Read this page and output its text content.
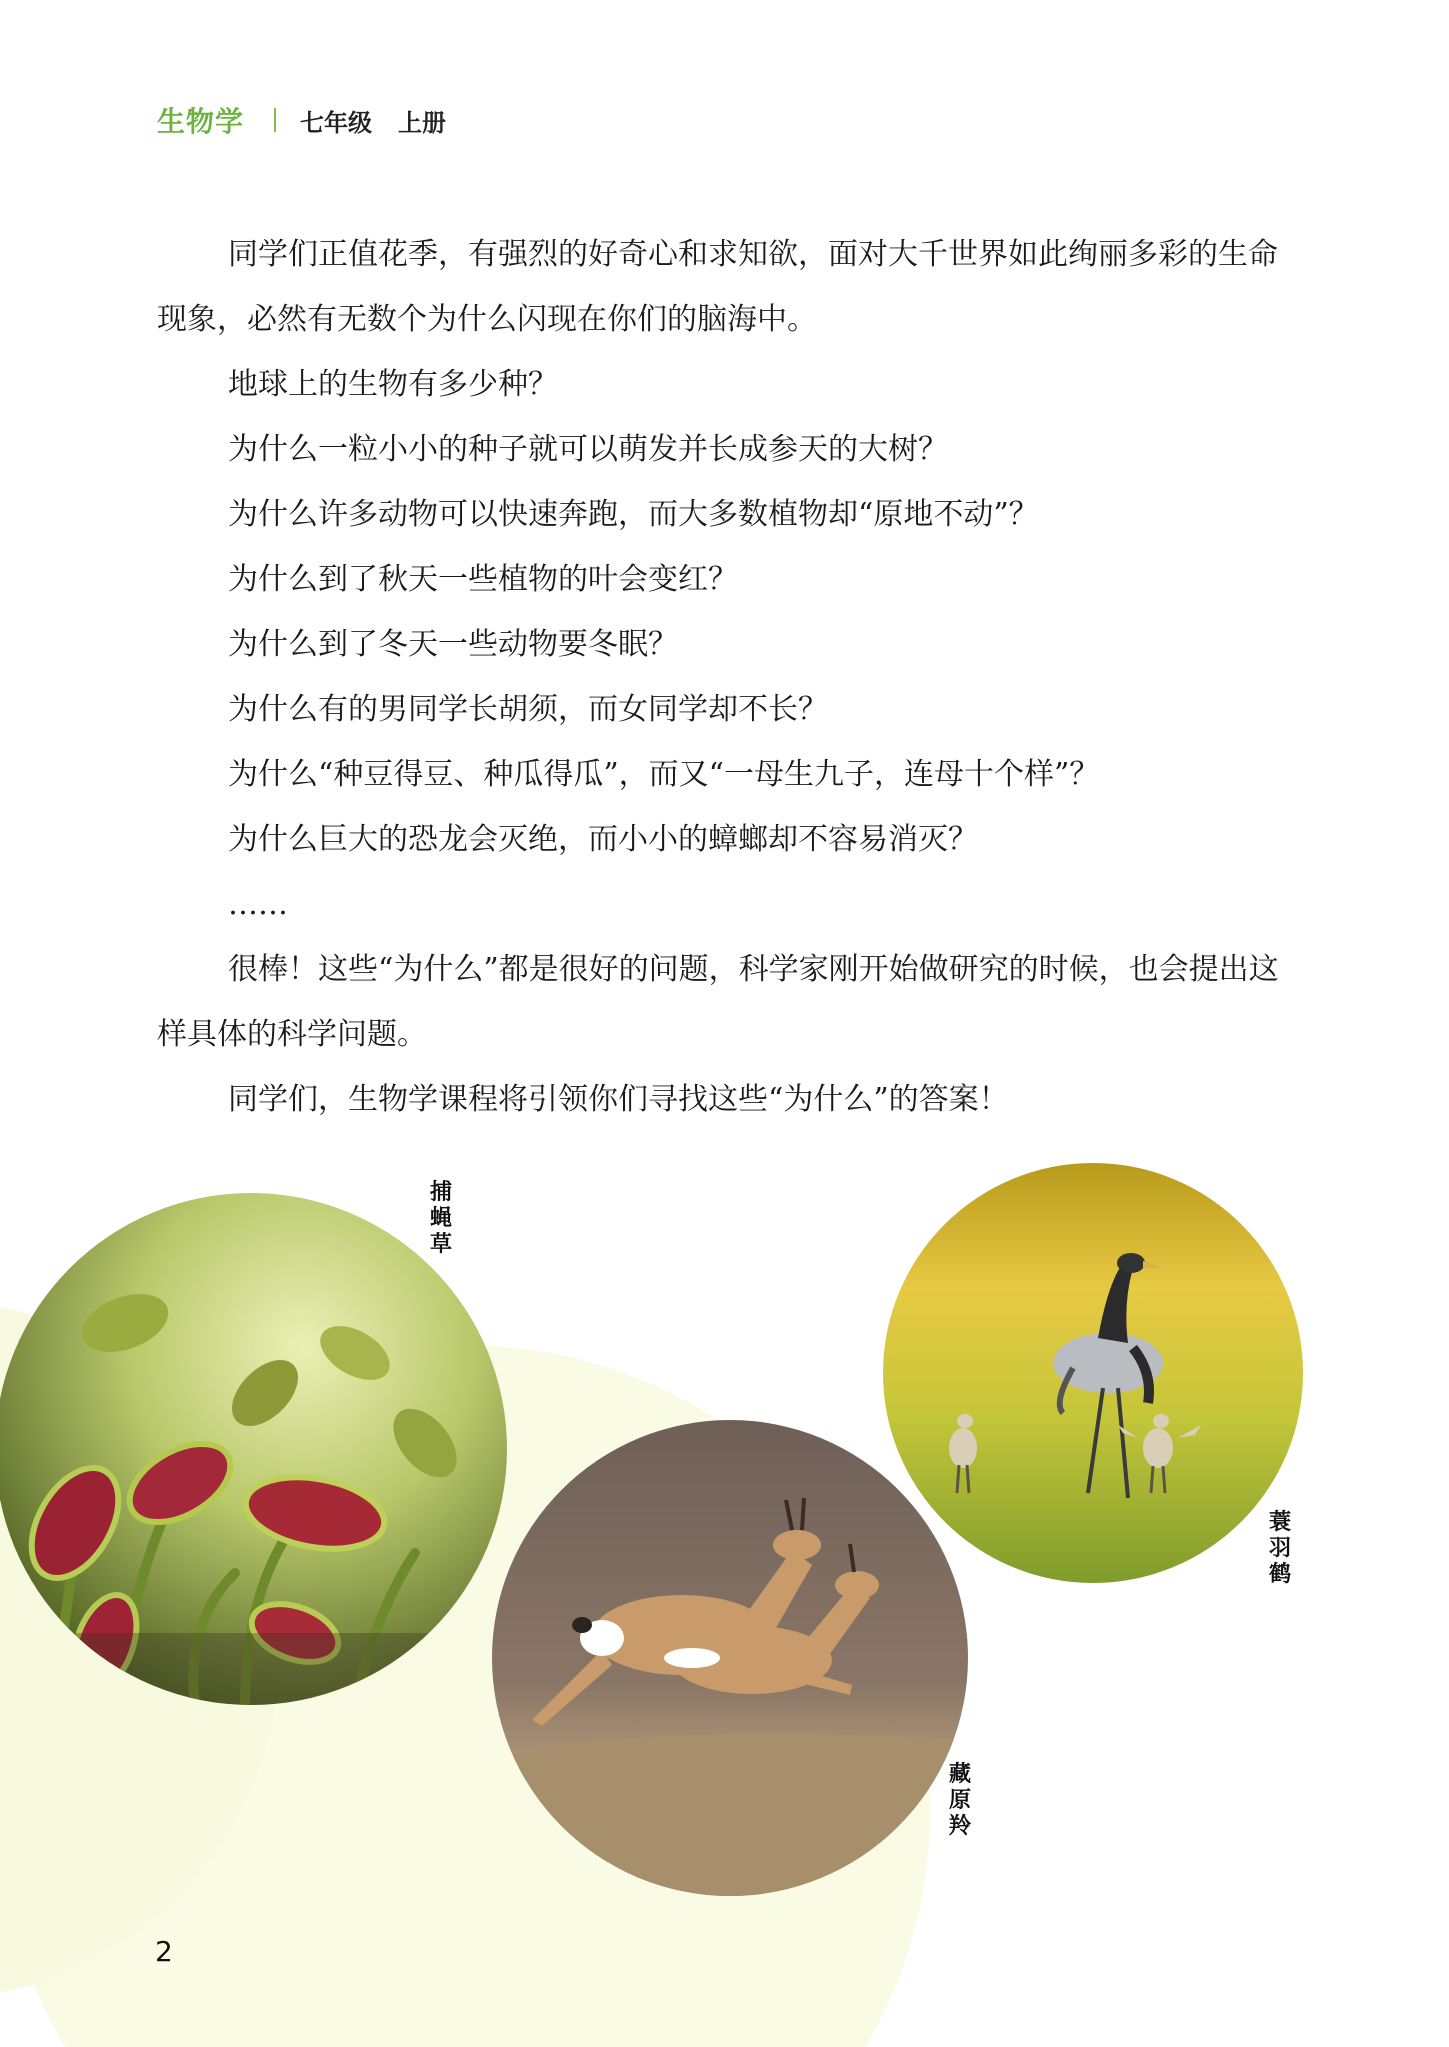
生物学 七年级 上册

同学们正值花季，有强烈的好奇心和求知欲，面对大千世界如此绚丽多彩的生命现象，必然有无数个为什么闪现在你们的脑海中。

地球上的生物有多少种？

为什么一粒小小的种子就可以萌发并长成参天的大树？

为什么许多动物可以快速奔跑，而大多数植物却“原地不动”？

为什么到了秋天一些植物的叶会变红？

为什么到了冬天一些动物要冬眠？

为什么有的男同学长胡须，而女同学却不长？

为什么“种豆得豆、种瓜得瓜”，而又“一母生九子，连母十个样”？

为什么巨大的恐龙会灭绝，而小小的蟑螂却不容易消灭？

……

很棒！这些“为什么”都是很好的问题，科学家刚开始做研究的时候，也会提出这样具体的科学问题。

同学们，生物学课程将引领你们寻找这些“为什么”的答案！

捕蝇草
藏原羚
蓑羽鹤
2
